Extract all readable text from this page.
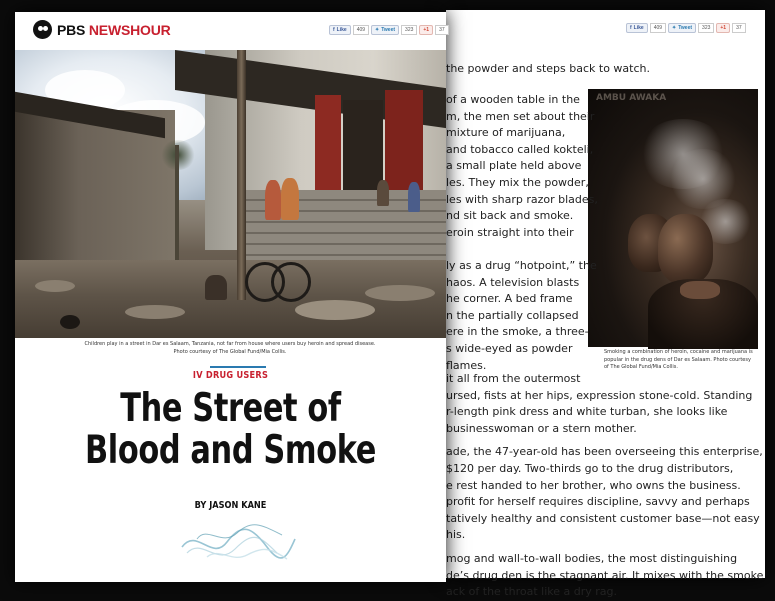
f Like	409	✦ Tweet	323	+1	37
the powder and steps back to watch.
AMBU AWAKA
Smoking a combination of heroin, cocaine and marijuana is popular in the drug dens of Dar es Salaam. Photo courtesy of The Global Fund/Mia Collis.
of a wooden table in the
m, the men set about their
mixture of marijuana,
and tobacco called kokteli,
a small plate held above
les. They mix the powder,
les with sharp razor blades,
nd sit back and smoke.
eroin straight into their
ly as a drug “hotpoint,” the
haos. A television blasts
he corner. A bed frame
n the partially collapsed
ere in the smoke, a three-
s wide-eyed as powder
flames.
it all from the outermost
ursed, fists at her hips, expression stone-cold. Standing
r-length pink dress and white turban, she looks like
businesswoman or a stern mother.
ade, the 47-year-old has been overseeing this enterprise,
$120 per day. Two-thirds go to the drug distributors,
e rest handed to her brother, who owns the business.
profit for herself requires discipline, savvy and perhaps
tatively healthy and consistent customer base—not easy
his.
mog and wall-to-wall bodies, the most distinguishing
de’s drug den is the stagnant air. It mixes with the smoke
ack of the throat like a dry rag.
PBS NEWSHOUR	f Like	409	✦ Tweet	323	+1	37
Children play in a street in Dar es Salaam, Tanzania, not far from house where users buy heroin and spread disease.
Photo courtesy of The Global Fund/Mia Collis.
IV DRUG USERS
The Street of
Blood and Smoke
BY JASON KANE
